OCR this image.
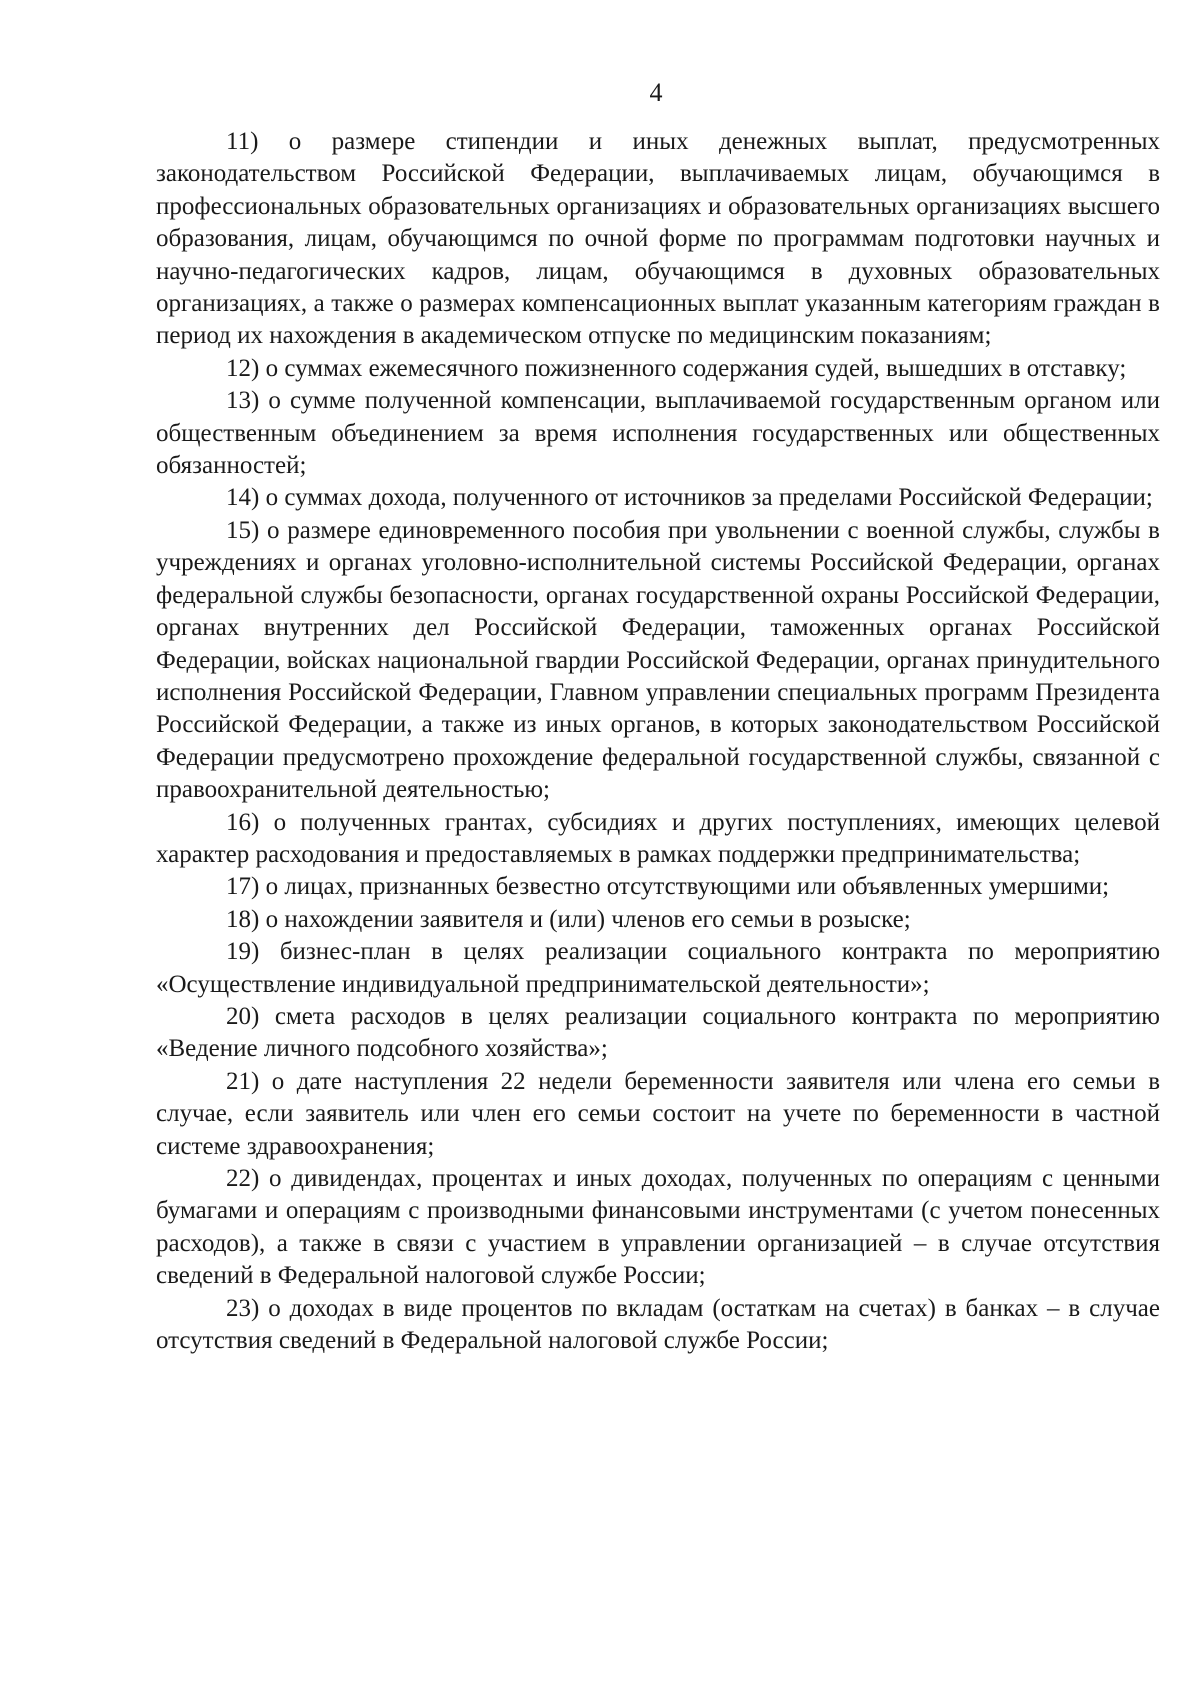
4

11) о размере стипендии и иных денежных выплат, предусмотренных законодательством Российской Федерации, выплачиваемых лицам, обучающимся в профессиональных образовательных организациях и образовательных организациях высшего образования, лицам, обучающимся по очной форме по программам подготовки научных и научно-педагогических кадров, лицам, обучающимся в духовных образовательных организациях, а также о размерах компенсационных выплат указанным категориям граждан в период их нахождения в академическом отпуске по медицинским показаниям;

12) о суммах ежемесячного пожизненного содержания судей, вышедших в отставку;

13) о сумме полученной компенсации, выплачиваемой государственным органом или общественным объединением за время исполнения государственных или общественных обязанностей;

14) о суммах дохода, полученного от источников за пределами Российской Федерации;

15) о размере единовременного пособия при увольнении с военной службы, службы в учреждениях и органах уголовно-исполнительной системы Российской Федерации, органах федеральной службы безопасности, органах государственной охраны Российской Федерации, органах внутренних дел Российской Федерации, таможенных органах Российской Федерации, войсках национальной гвардии Российской Федерации, органах принудительного исполнения Российской Федерации, Главном управлении специальных программ Президента Российской Федерации, а также из иных органов, в которых законодательством Российской Федерации предусмотрено прохождение федеральной государственной службы, связанной с правоохранительной деятельностью;

16) о полученных грантах, субсидиях и других поступлениях, имеющих целевой характер расходования и предоставляемых в рамках поддержки предпринимательства;

17) о лицах, признанных безвестно отсутствующими или объявленных умершими;

18) о нахождении заявителя и (или) членов его семьи в розыске;

19) бизнес-план в целях реализации социального контракта по мероприятию «Осуществление индивидуальной предпринимательской деятельности»;

20) смета расходов в целях реализации социального контракта по мероприятию «Ведение личного подсобного хозяйства»;

21) о дате наступления 22 недели беременности заявителя или члена его семьи в случае, если заявитель или член его семьи состоит на учете по беременности в частной системе здравоохранения;

22) о дивидендах, процентах и иных доходах, полученных по операциям с ценными бумагами и операциям с производными финансовыми инструментами (с учетом понесенных расходов), а также в связи с участием в управлении организацией – в случае отсутствия сведений в Федеральной налоговой службе России;

23) о доходах в виде процентов по вкладам (остаткам на счетах) в банках – в случае отсутствия сведений в Федеральной налоговой службе России;
